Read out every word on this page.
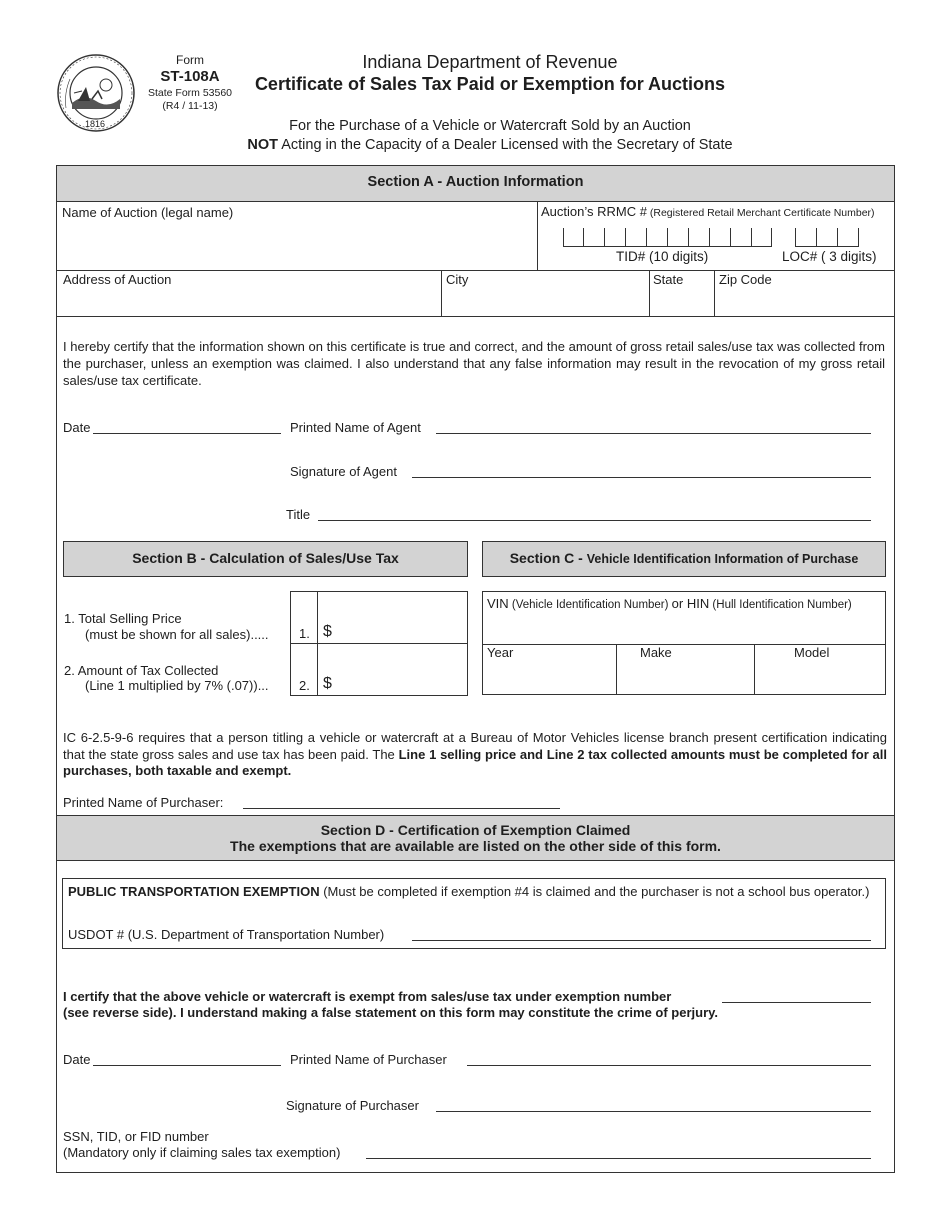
1816
Form
ST-108A
State Form 53560
(R4 / 11-13)
Indiana Department of Revenue
Certificate of Sales Tax Paid or Exemption for Auctions
For the Purchase of a Vehicle or Watercraft Sold by an Auction
NOT Acting in the Capacity of a Dealer Licensed with the Secretary of State
Section A - Auction Information
Name of Auction (legal name)	Auction’s RRMC # (Registered Retail Merchant Certificate Number)
TID# (10 digits)	LOC# ( 3 digits)
Address of Auction	City	State	Zip Code
I hereby certify that the information shown on this certificate is true and correct, and the amount of gross retail sales/use tax was collected from the purchaser, unless an exemption was claimed. I also understand that any false information may result in the revocation of my gross retail sales/use tax certificate.
Date	Printed Name of Agent
Signature of Agent
Title
Section B - Calculation of Sales/Use Tax
1. Total Selling Price
(must be shown for all sales)..... 1. $
2. Amount of Tax Collected
(Line 1 multiplied by 7% (.07))... 2. $
Section C - Vehicle Identification Information of Purchase
VIN (Vehicle Identification Number) or HIN (Hull Identification Number)
Year	Make	Model
IC 6-2.5-9-6 requires that a person titling a vehicle or watercraft at a Bureau of Motor Vehicles license branch present certification indicating that the state gross sales and use tax has been paid. The Line 1 selling price and Line 2 tax collected amounts must be completed for all purchases, both taxable and exempt.
Printed Name of Purchaser:
Section D - Certification of Exemption Claimed
The exemptions that are available are listed on the other side of this form.
PUBLIC TRANSPORTATION EXEMPTION (Must be completed if exemption #4 is claimed and the purchaser is not a school bus operator.)
USDOT # (U.S. Department of Transportation Number)
I certify that the above vehicle or watercraft is exempt from sales/use tax under exemption number
(see reverse side). I understand making a false statement on this form may constitute the crime of perjury.
Date	Printed Name of Purchaser
Signature of Purchaser
SSN, TID, or FID number
(Mandatory only if claiming sales tax exemption)
